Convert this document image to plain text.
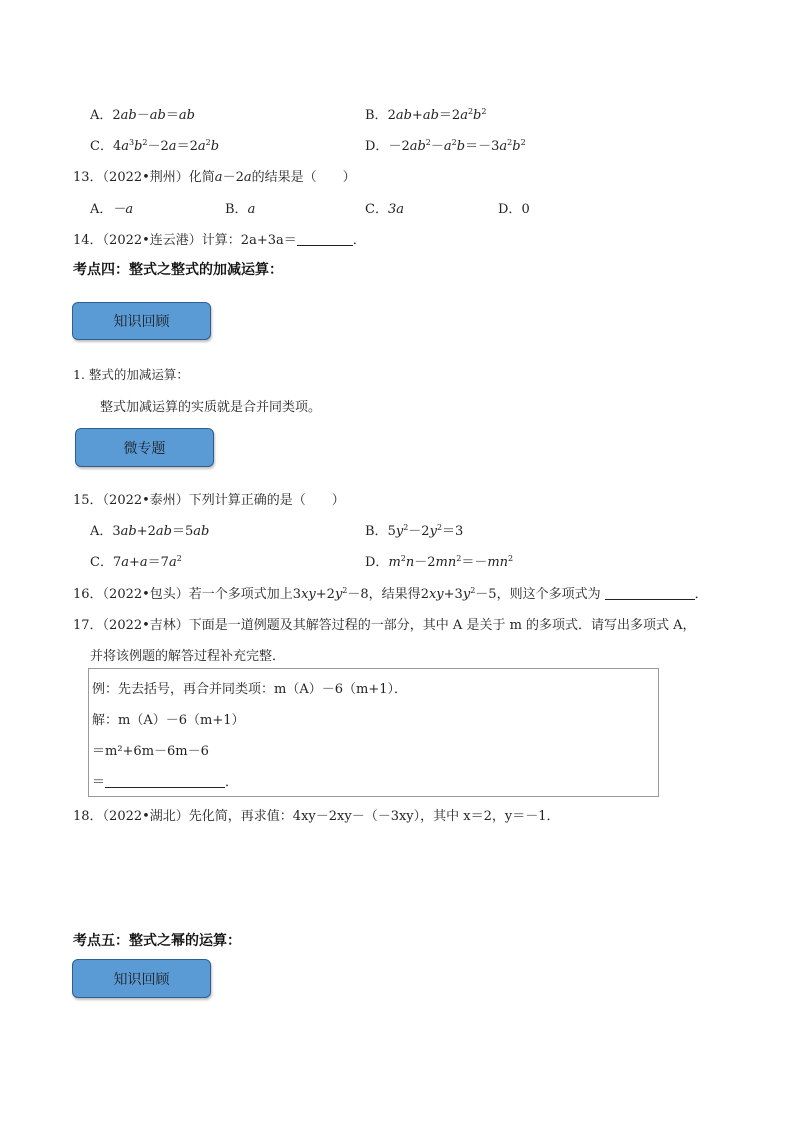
A．2ab－ab＝ab	B．$2ab+ab=2a^2b^2$
C．$4a^3b^2-2a=2a^2b$	D．$-2ab^2-a^2b=-3a^2b^2$
13．（2022•荆州）化简a－2a的结果是（　　）
A．－a	B．a	C．3a	D．0
14．（2022•连云港）计算：2a+3a＝	．
考点四：整式之整式的加减运算：
知识回顾
1. 整式的加减运算：
整式加减运算的实质就是合并同类项。
微专题
15．（2022•泰州）下列计算正确的是（　　）
A．3ab+2ab＝5ab	B．$5y^2-2y^2=3$
C．$7a+a=7a^2$	D．$m^2n-2mn^2=-mn^2$
16．（2022•包头）若一个多项式加上$3xy+2y^2-8$，结果得$2xy+3y^2-5$，则这个多项式为	．
17．（2022•吉林）下面是一道例题及其解答过程的一部分，其中 A 是关于 m 的多项式．请写出多项式 A，
并将该例题的解答过程补充完整．
例：先去括号，再合并同类项：m（A）－6（m+1）．
解：m（A）－6（m+1）
＝m²+6m－6m－6
＝	．
18．（2022•湖北）先化简，再求值：4xy－2xy－（－3xy），其中 x＝2，y＝－1．
考点五：整式之幂的运算：
知识回顾
